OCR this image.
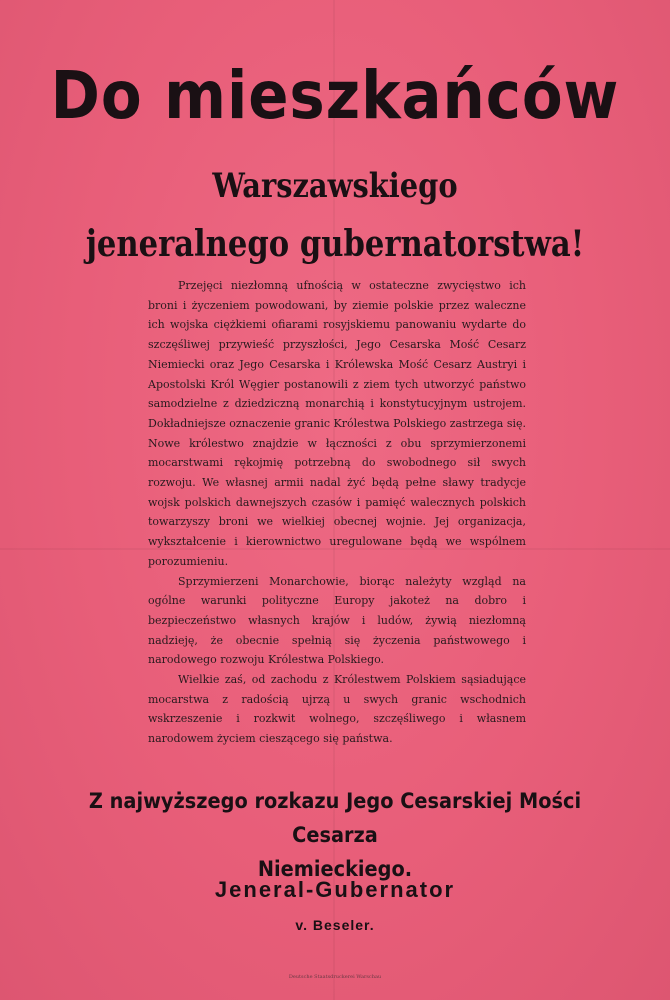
Do mieszkańców
Warszawskiego
jeneralnego gubernatorstwa!

Przejęci niezłomną ufnością w ostateczne zwycięstwo ich broni i życzeniem powodowani, by ziemie polskie przez waleczne ich wojska ciężkiemi ofiarami rosyjskiemu panowaniu wydarte do szczęśliwej przywieść przyszłości, Jego Cesarska Mość Cesarz Niemiecki oraz Jego Cesarska i Królewska Mość Cesarz Austryi i Apostolski Król Węgier postanowili z ziem tych utworzyć państwo samodzielne z dziedziczną monarchią i konstytucyjnym ustrojem. Dokładniejsze oznaczenie granic Królestwa Polskiego zastrzega się. Nowe królestwo znajdzie w łączności z obu sprzymierzonemi mocarstwami rękojmię potrzebną do swobodnego sił swych rozwoju. We własnej armii nadal żyć będą pełne sławy tradycje wojsk polskich dawnejszych czasów i pamięć walecznych polskich towarzyszy broni we wielkiej obecnej wojnie. Jej organizacja, wykształcenie i kierownictwo uregulowane będą we wspólnem porozumieniu.

Sprzymierzeni Monarchowie, biorąc należyty wzgląd na ogólne warunki polityczne Europy jakoteż na dobro i bezpieczeństwo własnych krajów i ludów, żywią niezłomną nadzieję, że obecnie spełnią się życzenia państwowego i narodowego rozwoju Królestwa Polskiego.

Wielkie zaś, od zachodu z Królestwem Polskiem sąsiadujące mocarstwa z radością ujrzą u swych granic wschodnich wskrzeszenie i rozkwit wolnego, szczęśliwego i własnem narodowem życiem cieszącego się państwa.

Z najwyższego rozkazu Jego Cesarskiej Mości Cesarza
Niemieckiego.
Jeneral-Gubernator
v. Beseler.
Deutsche Staatsdruckerei Warschau
